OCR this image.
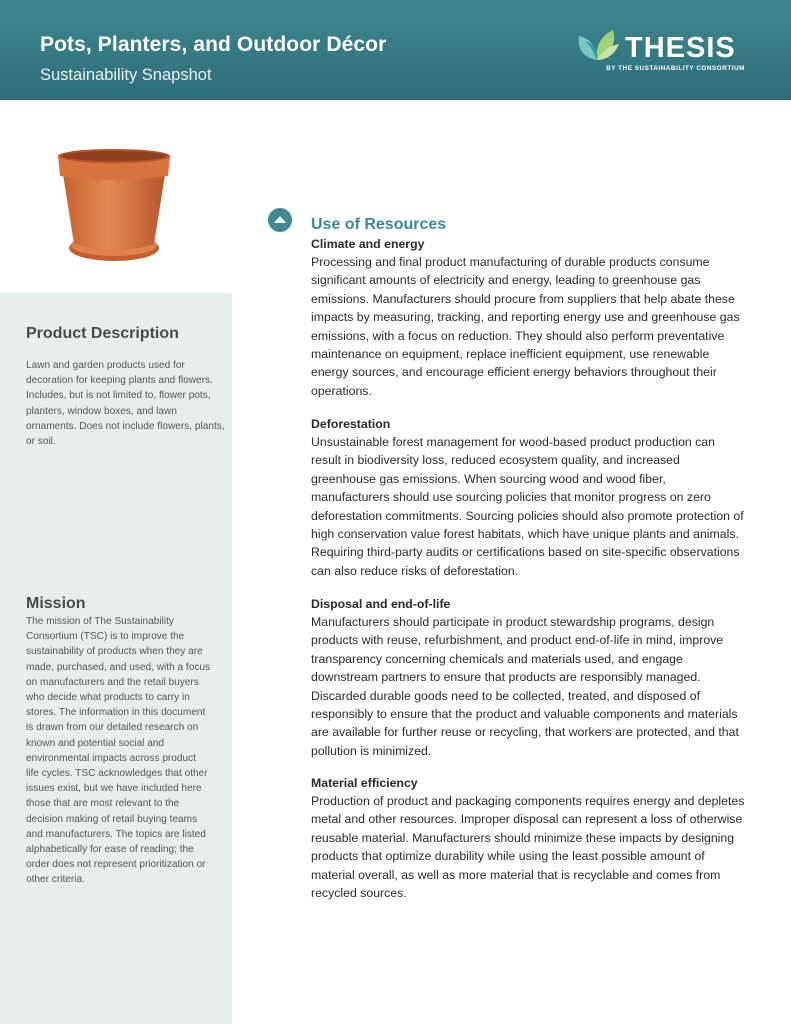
Pots, Planters, and Outdoor Décor
Sustainability Snapshot
THESIS
BY THE SUSTAINABILITY CONSORTIUM
Product Description
Lawn and garden products used for decoration for keeping plants and flowers. Includes, but is not limited to, flower pots, planters, window boxes, and lawn ornaments. Does not include flowers, plants, or soil.
Mission
The mission of The Sustainability Consortium (TSC) is to improve the sustainability of products when they are made, purchased, and used, with a focus on manufacturers and the retail buyers who decide what products to carry in stores. The information in this document is drawn from our detailed research on known and potential social and environmental impacts across product life cycles. TSC acknowledges that other issues exist, but we have included here those that are most relevant to the decision making of retail buying teams and manufacturers. The topics are listed alphabetically for ease of reading; the order does not represent prioritization or other criteria.
Use of Resources
Climate and energy
Processing and final product manufacturing of durable products consume significant amounts of electricity and energy, leading to greenhouse gas emissions. Manufacturers should procure from suppliers that help abate these impacts by measuring, tracking, and reporting energy use and greenhouse gas emissions, with a focus on reduction. They should also perform preventative maintenance on equipment, replace inefficient equipment, use renewable energy sources, and encourage efficient energy behaviors throughout their operations.
Deforestation
Unsustainable forest management for wood-based product production can result in biodiversity loss, reduced ecosystem quality, and increased greenhouse gas emissions. When sourcing wood and wood fiber, manufacturers should use sourcing policies that monitor progress on zero deforestation commitments. Sourcing policies should also promote protection of high conservation value forest habitats, which have unique plants and animals. Requiring third-party audits or certifications based on site-specific observations can also reduce risks of deforestation.
Disposal and end-of-life
Manufacturers should participate in product stewardship programs, design products with reuse, refurbishment, and product end-of-life in mind, improve transparency concerning chemicals and materials used, and engage downstream partners to ensure that products are responsibly managed. Discarded durable goods need to be collected, treated, and disposed of responsibly to ensure that the product and valuable components and materials are available for further reuse or recycling, that workers are protected, and that pollution is minimized.
Material efficiency
Production of product and packaging components requires energy and depletes metal and other resources. Improper disposal can represent a loss of otherwise reusable material. Manufacturers should minimize these impacts by designing products that optimize durability while using the least possible amount of material overall, as well as more material that is recyclable and comes from recycled sources.
